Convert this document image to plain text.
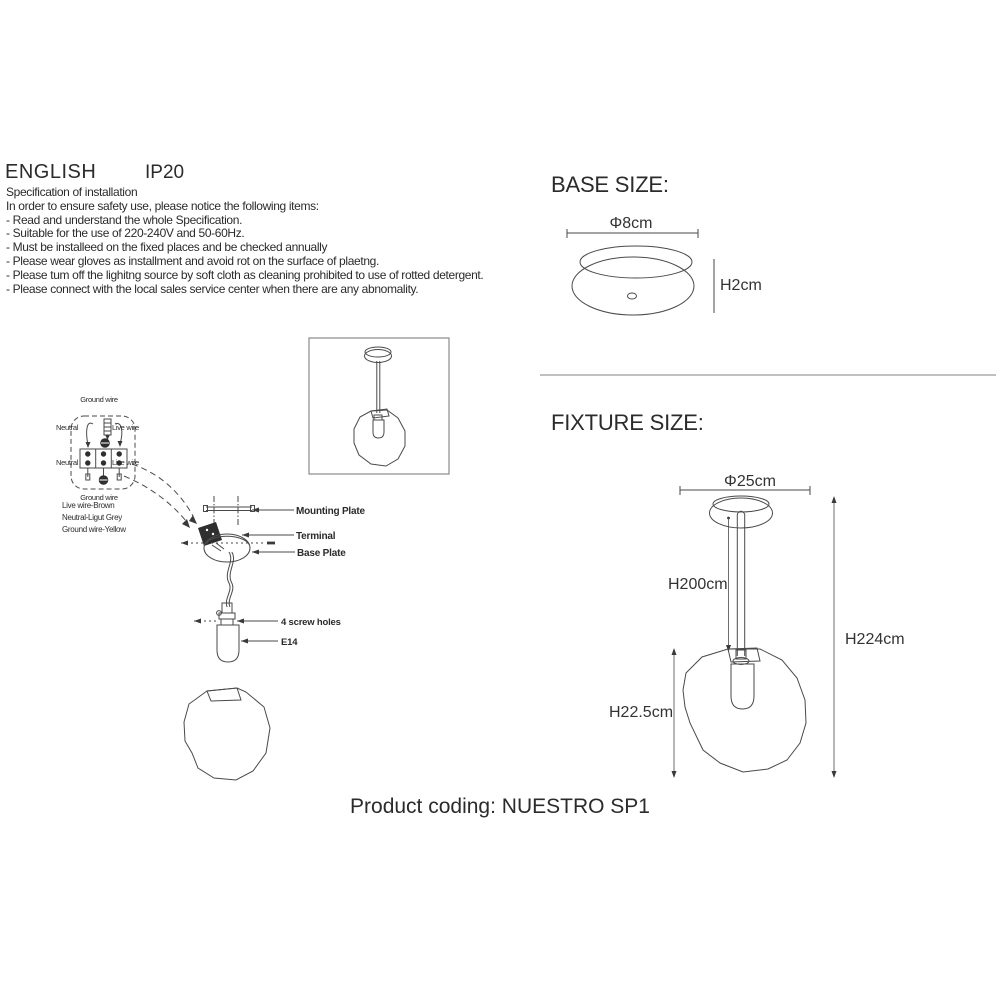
Ground wire
Neutral	Live wire
Neutral	Live wire
Ground wire
Live wire-Brown
Neutral-Ligut Grey
Ground wire-Yellow
Mounting Plate
Terminal
Base Plate
4 screw holes
E14
Φ8cm
H2cm
Φ25cm
H200cm
H224cm
H22.5cm
ENGLISH	IP20
Specification of installation
In order to ensure safety use, please notice the following items:
- Read and understand the whole Specification.
- Suitable for the use of 220-240V and 50-60Hz.
- Must be installeed on the fixed places and be checked annually
- Please wear gloves as installment and avoid rot on the surface of plaetng.
- Please tum off the lighitng source by soft cloth as cleaning prohibited to use of rotted detergent.
- Please connect with the local sales service center when there are any abnomality.
BASE SIZE:
FIXTURE SIZE:
Product coding: NUESTRO SP1
